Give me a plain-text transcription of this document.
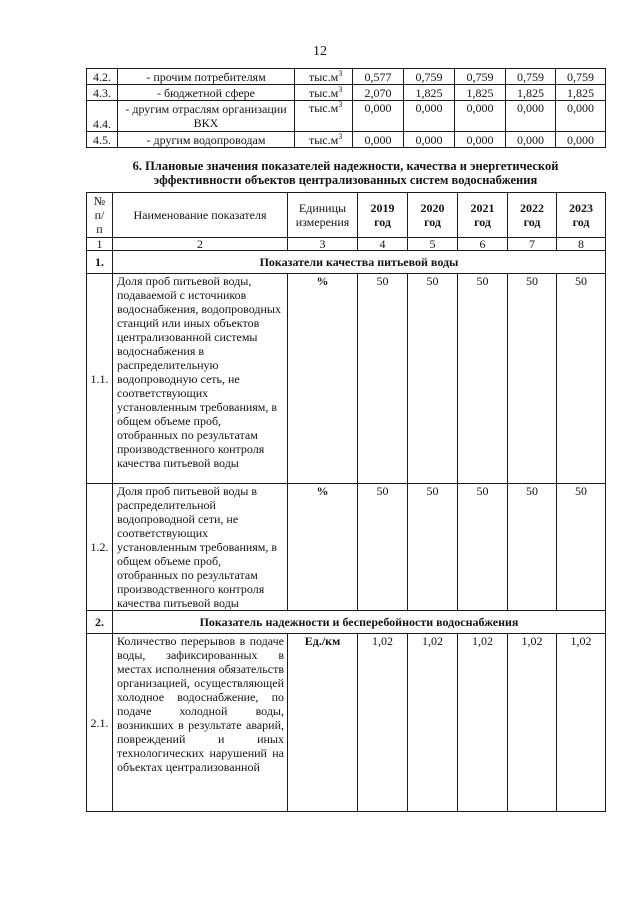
12
4.2.	- прочим потребителям	$тыс.м^3$	0,577	0,759	0,759	0,759	0,759
4.3.	- бюджетной сфере	$тыс.м^3$	2,070	1,825	1,825	1,825	1,825
4.4.	- другим отраслям организации ВКХ	$тыс.м^3$	0,000	0,000	0,000	0,000	0,000
4.5.	- другим водопроводам	$тыс.м^3$	0,000	0,000	0,000	0,000	0,000
6. Плановые значения показателей надежности, качества и энергетической
эффективности объектов централизованных систем водоснабжения
№ п/ п	Наименование показателя	Единицы измерения	2019 год	2020 год	2021 год	2022 год	2023 год
1	2	3	4	5	6	7	8
1.	Показатели качества питьевой воды						
1.1.	Доля проб питьевой воды, подаваемой с источников водоснабжения, водопроводных станций или иных объектов централизованной системы водоснабжения в распределительную водопроводную сеть, не соответствующих установленным требованиям, в общем объеме проб, отобранных по результатам производственного контроля качества питьевой воды	%	50	50	50	50	50
1.2.	Доля проб питьевой воды в распределительной водопроводной сети, не соответствующих установленным требованиям, в общем объеме проб, отобранных по результатам производственного контроля качества питьевой воды	%	50	50	50	50	50
2.	Показатель надежности и бесперебойности водоснабжения						
2.1.	Количество перерывов в подаче воды, зафиксированных в местах исполнения обязательств организацией, осуществляющей холодное водоснабжение, по подаче холодной воды, возникших в результате аварий, повреждений и иных технологических нарушений на объектах централизованной	Ед./км	1,02	1,02	1,02	1,02	1,02
